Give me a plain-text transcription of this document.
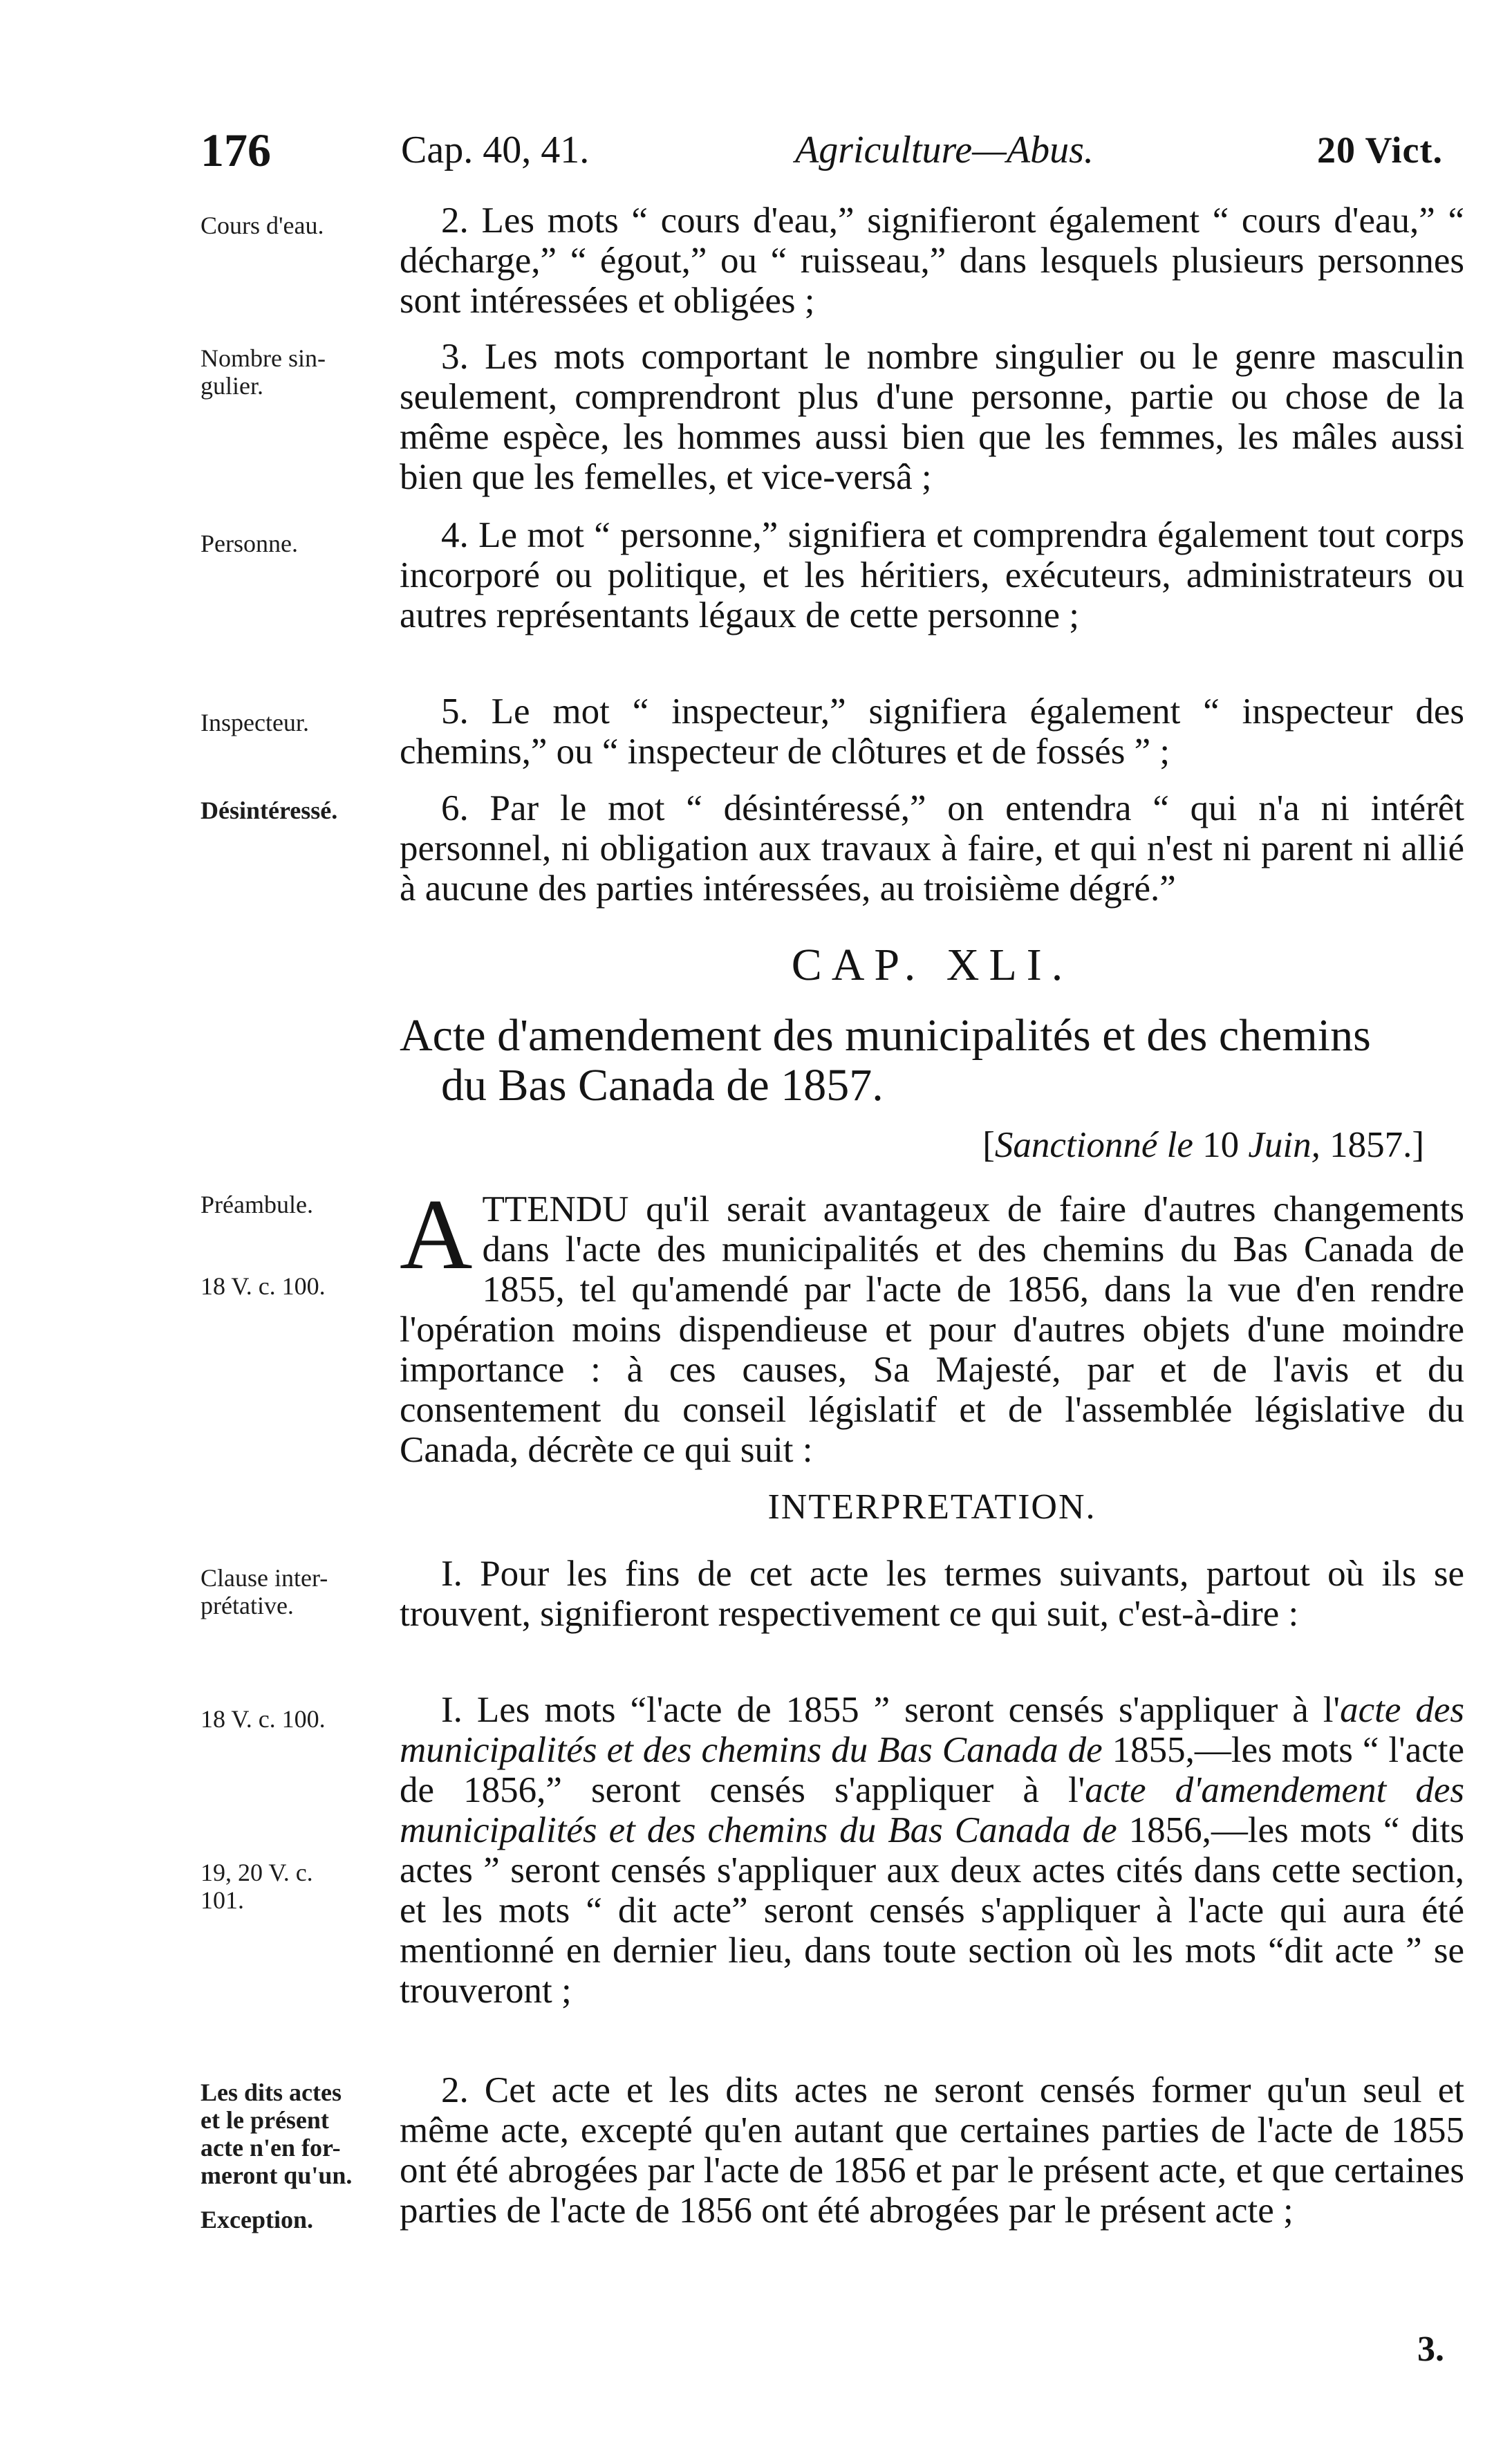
176	Cap. 40, 41.	Agriculture—Abus.	20 Vict.
Cours d'eau.
Nombre sin-
gulier.
Personne.
Inspecteur.
Désintéressé.
Préambule.
18 V. c. 100.
Clause inter-
prétative.
18 V. c. 100.
19, 20 V. c.
101.
Les dits actes
et le présent
acte n'en for-
meront qu'un.
Exception.
2. Les mots “ cours d'eau,” signifieront également “ cours d'eau,” “ décharge,” “ égout,” ou “ ruisseau,” dans lesquels plusieurs personnes sont intéressées et obligées ;
3. Les mots comportant le nombre singulier ou le genre masculin seulement, comprendront plus d'une personne, partie ou chose de la même espèce, les hommes aussi bien que les femmes, les mâles aussi bien que les femelles, et vice-versâ ;
4. Le mot “ personne,” signifiera et comprendra également tout corps incorporé ou politique, et les héritiers, exécuteurs, administrateurs ou autres représentants légaux de cette personne ;
5. Le mot “ inspecteur,” signifiera également “ inspecteur des chemins,” ou “ inspecteur de clôtures et de fossés ” ;
6. Par le mot “ désintéressé,” on entendra “ qui n'a ni intérêt personnel, ni obligation aux travaux à faire, et qui n'est ni parent ni allié à aucune des parties intéressées, au troisième dégré.”
CAP. XLI.
Acte d'amendement des municipalités et des chemins
du Bas Canada de 1857.
[Sanctionné le 10 Juin, 1857.]
ATTENDU qu'il serait avantageux de faire d'autres changements dans l'acte des municipalités et des chemins du Bas Canada de 1855, tel qu'amendé par l'acte de 1856, dans la vue d'en rendre l'opération moins dispendieuse et pour d'autres objets d'une moindre importance : à ces causes, Sa Majesté, par et de l'avis et du consentement du conseil législatif et de l'assemblée législative du Canada, décrète ce qui suit :
INTERPRETATION.
I. Pour les fins de cet acte les termes suivants, partout où ils se trouvent, signifieront respectivement ce qui suit, c'est-à-dire :
I. Les mots “l'acte de 1855 ” seront censés s'appliquer à l'acte des municipalités et des chemins du Bas Canada de 1855,—les mots “ l'acte de 1856,” seront censés s'appliquer à l'acte d'amendement des municipalités et des chemins du Bas Canada de 1856,—les mots “ dits actes ” seront censés s'appliquer aux deux actes cités dans cette section, et les mots “ dit acte” seront censés s'appliquer à l'acte qui aura été mentionné en dernier lieu, dans toute section où les mots “dit acte ” se trouveront ;
2. Cet acte et les dits actes ne seront censés former qu'un seul et même acte, excepté qu'en autant que certaines parties de l'acte de 1855 ont été abrogées par l'acte de 1856 et par le présent acte, et que certaines parties de l'acte de 1856 ont été abrogées par le présent acte ;
3.
